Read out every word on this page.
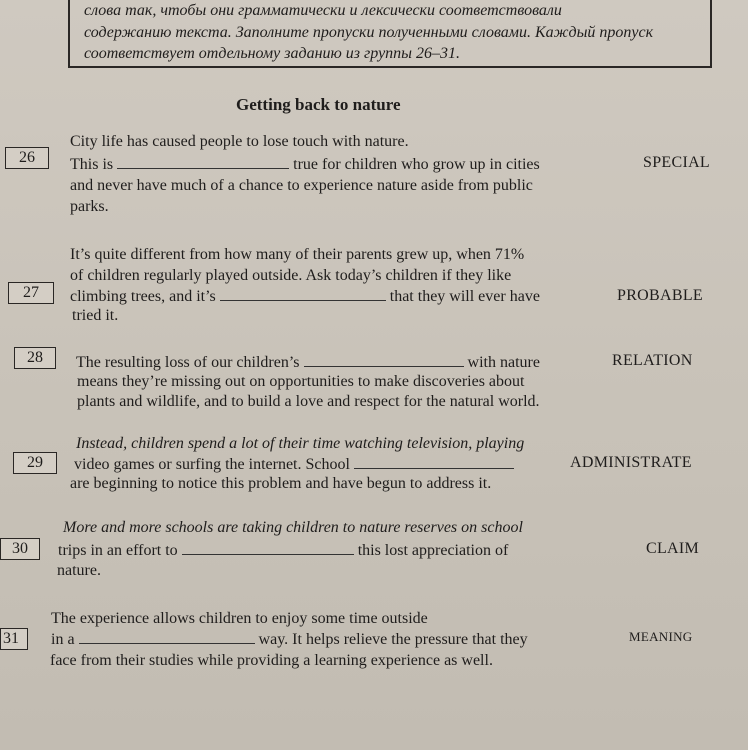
слова так, чтобы они грамматически и лексически соответствовали
содержанию текста. Заполните пропуски полученными словами. Каждый пропуск
соответствует отдельному заданию из группы 26–31.
Getting back to nature
26
City life has caused people to lose touch with nature.
This is	true for children who grow up in cities
and never have much of a chance to experience nature aside from public
parks.
SPECIAL
27
It’s quite different from how many of their parents grew up, when 71%
of children regularly played outside. Ask today’s children if they like
climbing trees, and it’s	that they will ever have
tried it.
PROBABLE
28	The resulting loss of our children’s	with nature
means they’re missing out on opportunities to make discoveries about
plants and wildlife, and to build a love and respect for the natural world.
RELATION
29
Instead, children spend a lot of their time watching television, playing
video games or surfing the internet. School
are beginning to notice this problem and have begun to address it.
ADMINISTRATE
30
More and more schools are taking children to nature reserves on school
trips in an effort to	this lost appreciation of
nature.
CLAIM
31
The experience allows children to enjoy some time outside
in a	way. It helps relieve the pressure that they
face from their studies while providing a learning experience as well.
MEANING
